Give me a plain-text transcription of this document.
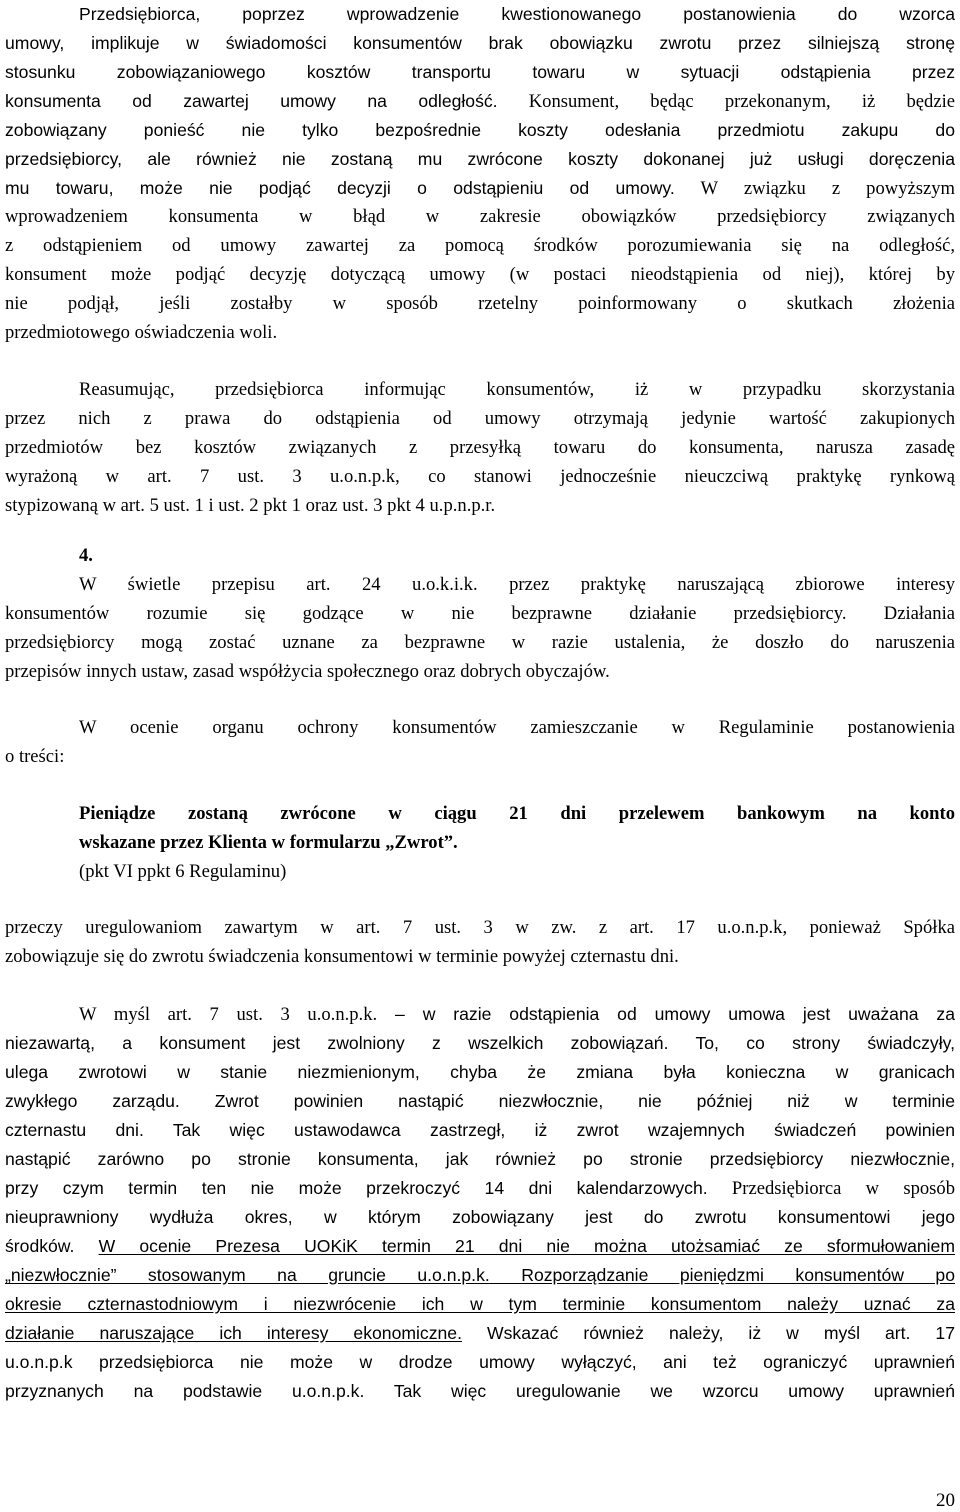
Przedsiębiorca, poprzez wprowadzenie kwestionowanego postanowienia do wzorca
umowy, implikuje w świadomości konsumentów brak obowiązku zwrotu przez silniejszą stronę
stosunku zobowiązaniowego kosztów transportu towaru w sytuacji odstąpienia przez
konsumenta od zawartej umowy na odległość. Konsument, będąc przekonanym, iż będzie
zobowiązany ponieść nie tylko bezpośrednie koszty odesłania przedmiotu zakupu do
przedsiębiorcy, ale również nie zostaną mu zwrócone koszty dokonanej już usługi doręczenia
mu towaru, może nie podjąć decyzji o odstąpieniu od umowy. W związku z powyższym
wprowadzeniem konsumenta w błąd w zakresie obowiązków przedsiębiorcy związanych
z odstąpieniem od umowy zawartej za pomocą środków porozumiewania się na odległość,
konsument może podjąć decyzję dotyczącą umowy (w postaci nieodstąpienia od niej), której by
nie podjął, jeśli zostałby w sposób rzetelny poinformowany o skutkach złożenia
przedmiotowego oświadczenia woli.
Reasumując, przedsiębiorca informując konsumentów, iż w przypadku skorzystania
przez nich z prawa do odstąpienia od umowy otrzymają jedynie wartość zakupionych
przedmiotów bez kosztów związanych z przesyłką towaru do konsumenta, narusza zasadę
wyrażoną w art. 7 ust. 3 u.o.n.p.k, co stanowi jednocześnie nieuczciwą praktykę rynkową
stypizowaną w art. 5 ust. 1 i ust. 2 pkt 1 oraz ust. 3 pkt 4 u.p.n.p.r.
4.
W świetle przepisu art. 24 u.o.k.i.k. przez praktykę naruszającą zbiorowe interesy
konsumentów rozumie się godzące w nie bezprawne działanie przedsiębiorcy. Działania
przedsiębiorcy mogą zostać uznane za bezprawne w razie ustalenia, że doszło do naruszenia
przepisów innych ustaw, zasad współżycia społecznego oraz dobrych obyczajów.
W ocenie organu ochrony konsumentów zamieszczanie w Regulaminie postanowienia
o treści:
Pieniądze zostaną zwrócone w ciągu 21 dni przelewem bankowym na konto
wskazane przez Klienta w formularzu „Zwrot”.
(pkt VI ppkt 6 Regulaminu)
przeczy uregulowaniom zawartym w art. 7 ust. 3 w zw. z art. 17 u.o.n.p.k, ponieważ Spółka
zobowiązuje się do zwrotu świadczenia konsumentowi w terminie powyżej czternastu dni.
W myśl art. 7 ust. 3 u.o.n.p.k. – w razie odstąpienia od umowy umowa jest uważana za
niezawartą, a konsument jest zwolniony z wszelkich zobowiązań. To, co strony świadczyły,
ulega zwrotowi w stanie niezmienionym, chyba że zmiana była konieczna w granicach
zwykłego zarządu. Zwrot powinien nastąpić niezwłocznie, nie później niż w terminie
czternastu dni. Tak więc ustawodawca zastrzegł, iż zwrot wzajemnych świadczeń powinien
nastąpić zarówno po stronie konsumenta, jak również po stronie przedsiębiorcy niezwłocznie,
przy czym termin ten nie może przekroczyć 14 dni kalendarzowych. Przedsiębiorca w sposób
nieuprawniony wydłuża okres, w którym zobowiązany jest do zwrotu konsumentowi jego
środków. W ocenie Prezesa UOKiK termin 21 dni nie można utożsamiać ze sformułowaniem
„niezwłocznie” stosowanym na gruncie u.o.n.p.k. Rozporządzanie pieniędzmi konsumentów po
okresie czternastodniowym i niezwrócenie ich w tym terminie konsumentom należy uznać za
działanie naruszające ich interesy ekonomiczne. Wskazać również należy, iż w myśl art. 17
u.o.n.p.k przedsiębiorca nie może w drodze umowy wyłączyć, ani też ograniczyć uprawnień
przyznanych na podstawie u.o.n.p.k. Tak więc uregulowanie we wzorcu umowy uprawnień
20
